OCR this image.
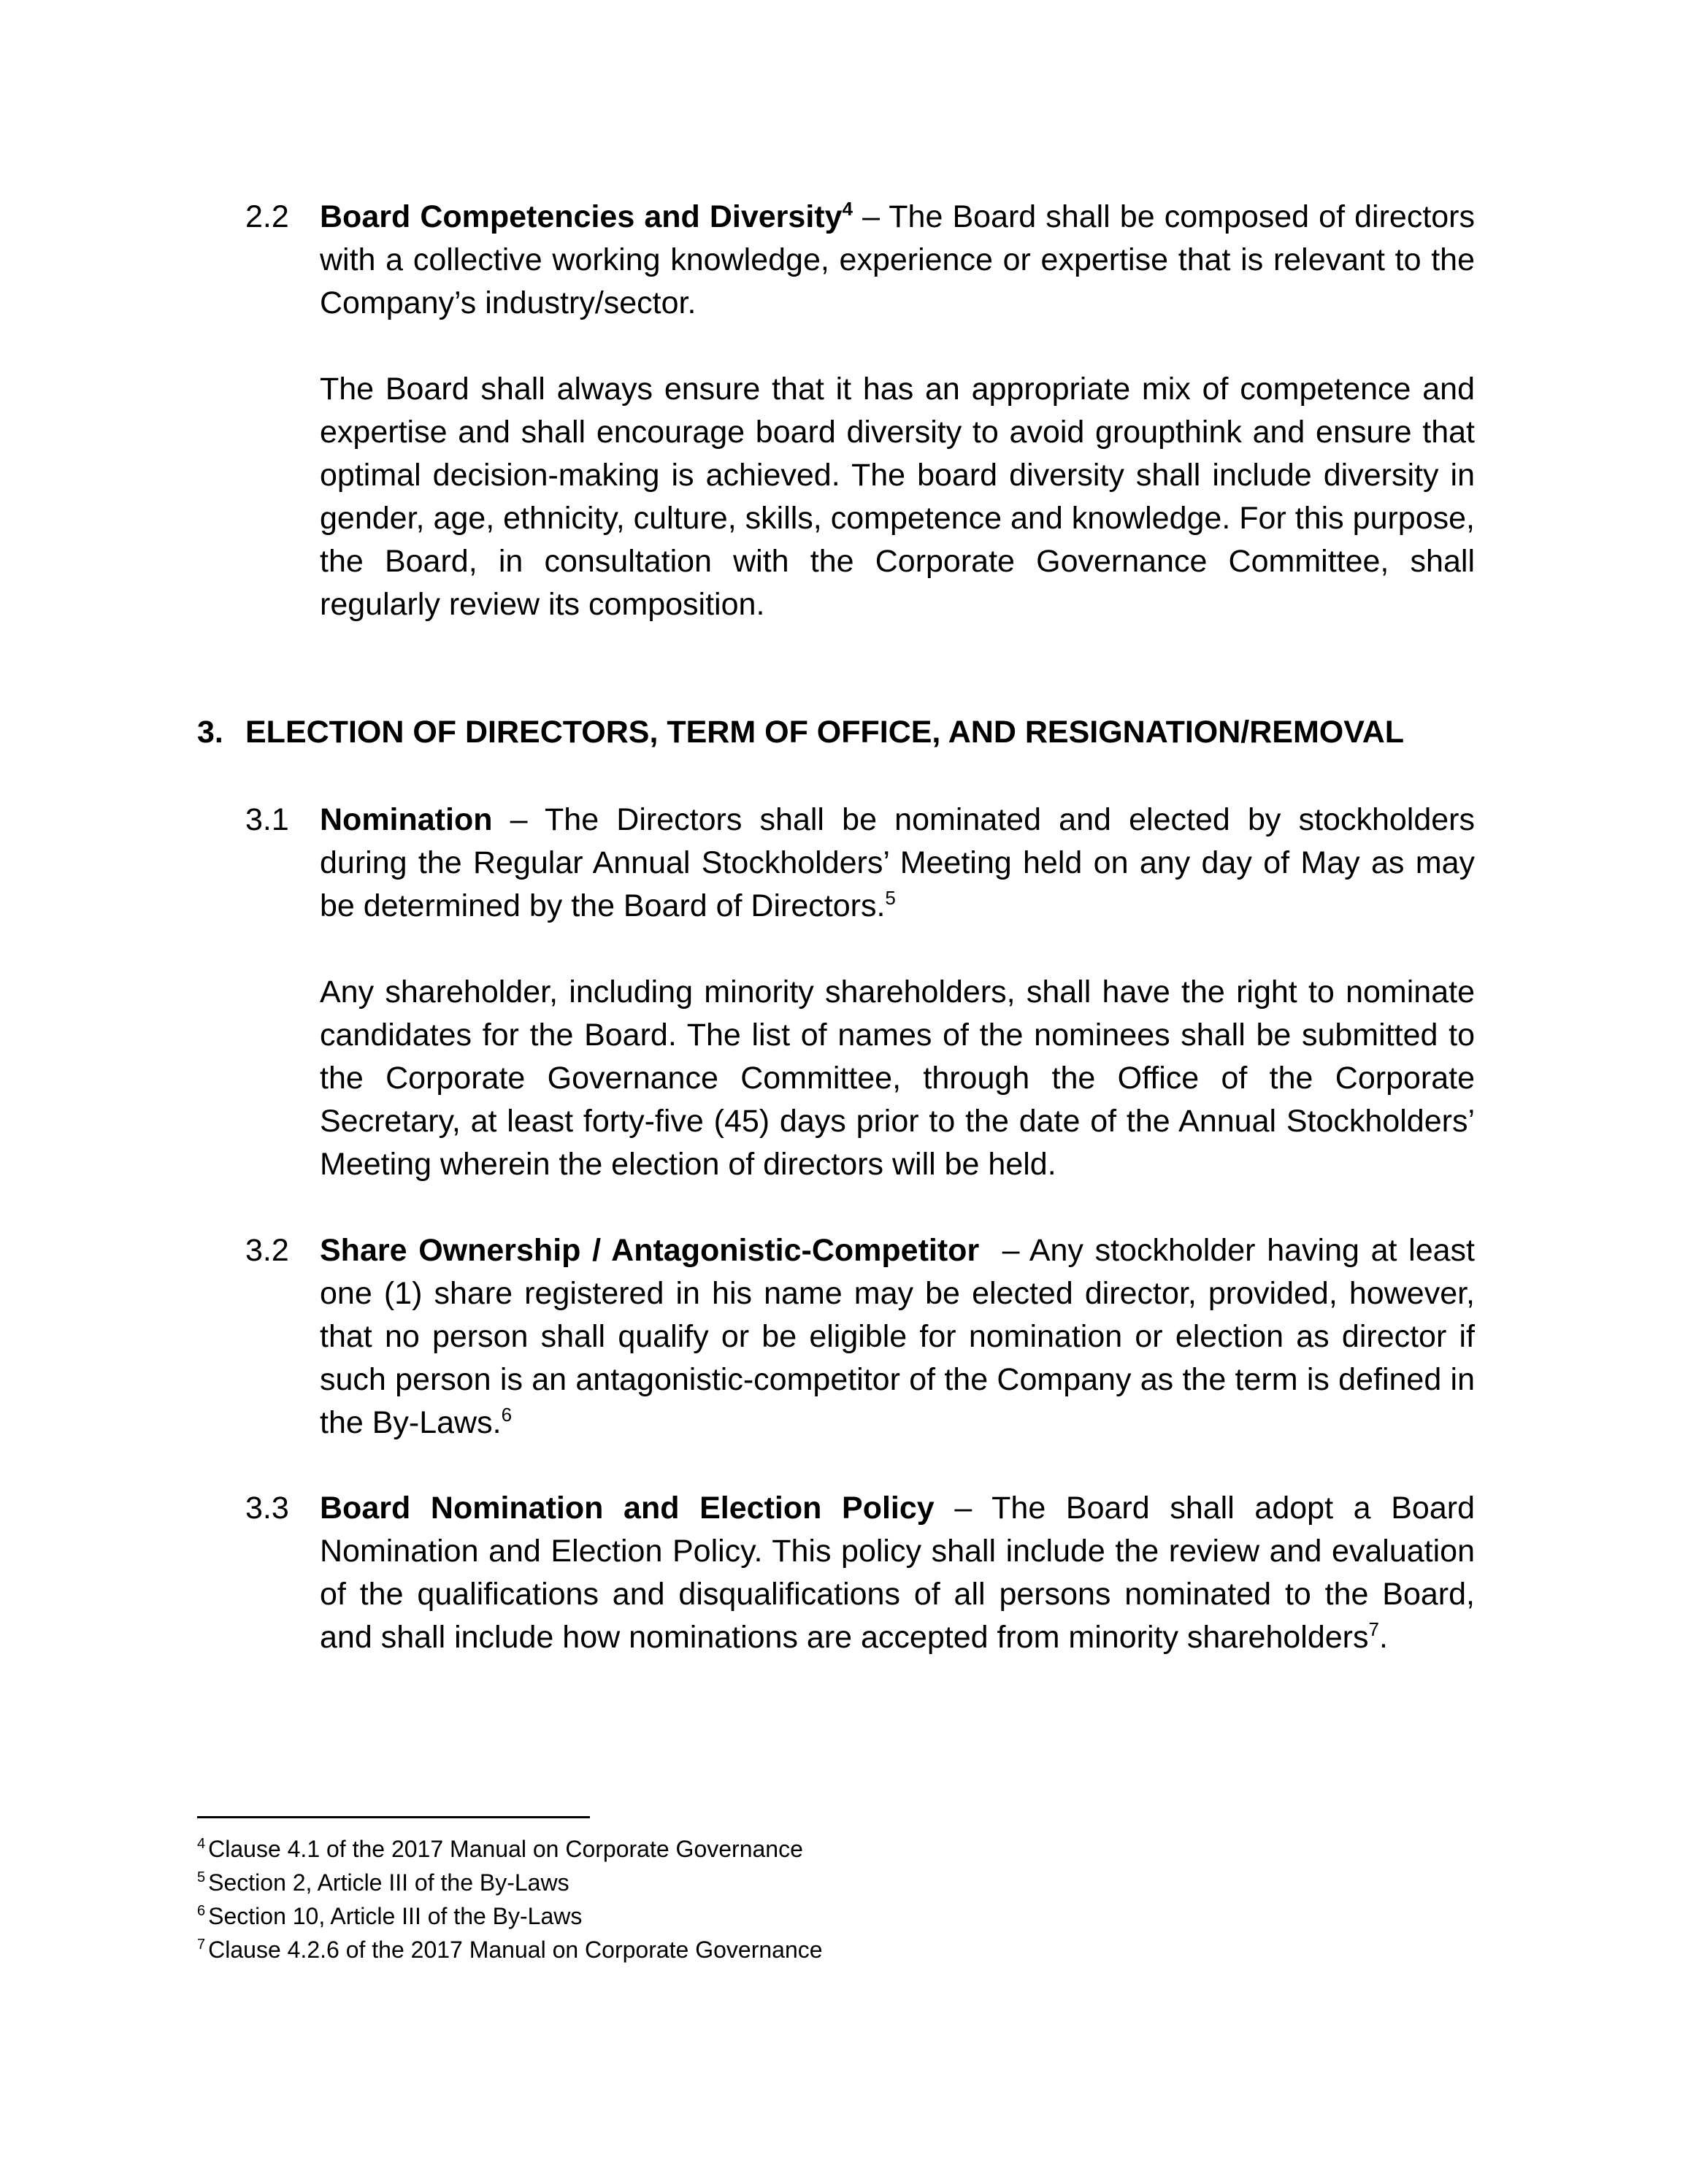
2.2 Board Competencies and Diversity$^4$ – The Board shall be composed of directors with a collective working knowledge, experience or expertise that is relevant to the Company’s industry/sector.
The Board shall always ensure that it has an appropriate mix of competence and expertise and shall encourage board diversity to avoid groupthink and ensure that optimal decision-making is achieved. The board diversity shall include diversity in gender, age, ethnicity, culture, skills, competence and knowledge. For this purpose, the Board, in consultation with the Corporate Governance Committee, shall regularly review its composition.
3. ELECTION OF DIRECTORS, TERM OF OFFICE, AND RESIGNATION/REMOVAL
3.1 Nomination – The Directors shall be nominated and elected by stockholders during the Regular Annual Stockholders’ Meeting held on any day of May as may be determined by the Board of Directors.$^5$
Any shareholder, including minority shareholders, shall have the right to nominate candidates for the Board. The list of names of the nominees shall be submitted to the Corporate Governance Committee, through the Office of the Corporate Secretary, at least forty-five (45) days prior to the date of the Annual Stockholders’ Meeting wherein the election of directors will be held.
3.2 Share Ownership / Antagonistic-Competitor  – Any stockholder having at least one (1) share registered in his name may be elected director, provided, however, that no person shall qualify or be eligible for nomination or election as director if such person is an antagonistic-competitor of the Company as the term is defined in the By-Laws.$^6$
3.3 Board Nomination and Election Policy – The Board shall adopt a Board Nomination and Election Policy. This policy shall include the review and evaluation of the qualifications and disqualifications of all persons nominated to the Board, and shall include how nominations are accepted from minority shareholders$^7$.
$^4$ Clause 4.1 of the 2017 Manual on Corporate Governance
$^5$ Section 2, Article III of the By-Laws
$^6$ Section 10, Article III of the By-Laws
$^7$ Clause 4.2.6 of the 2017 Manual on Corporate Governance
